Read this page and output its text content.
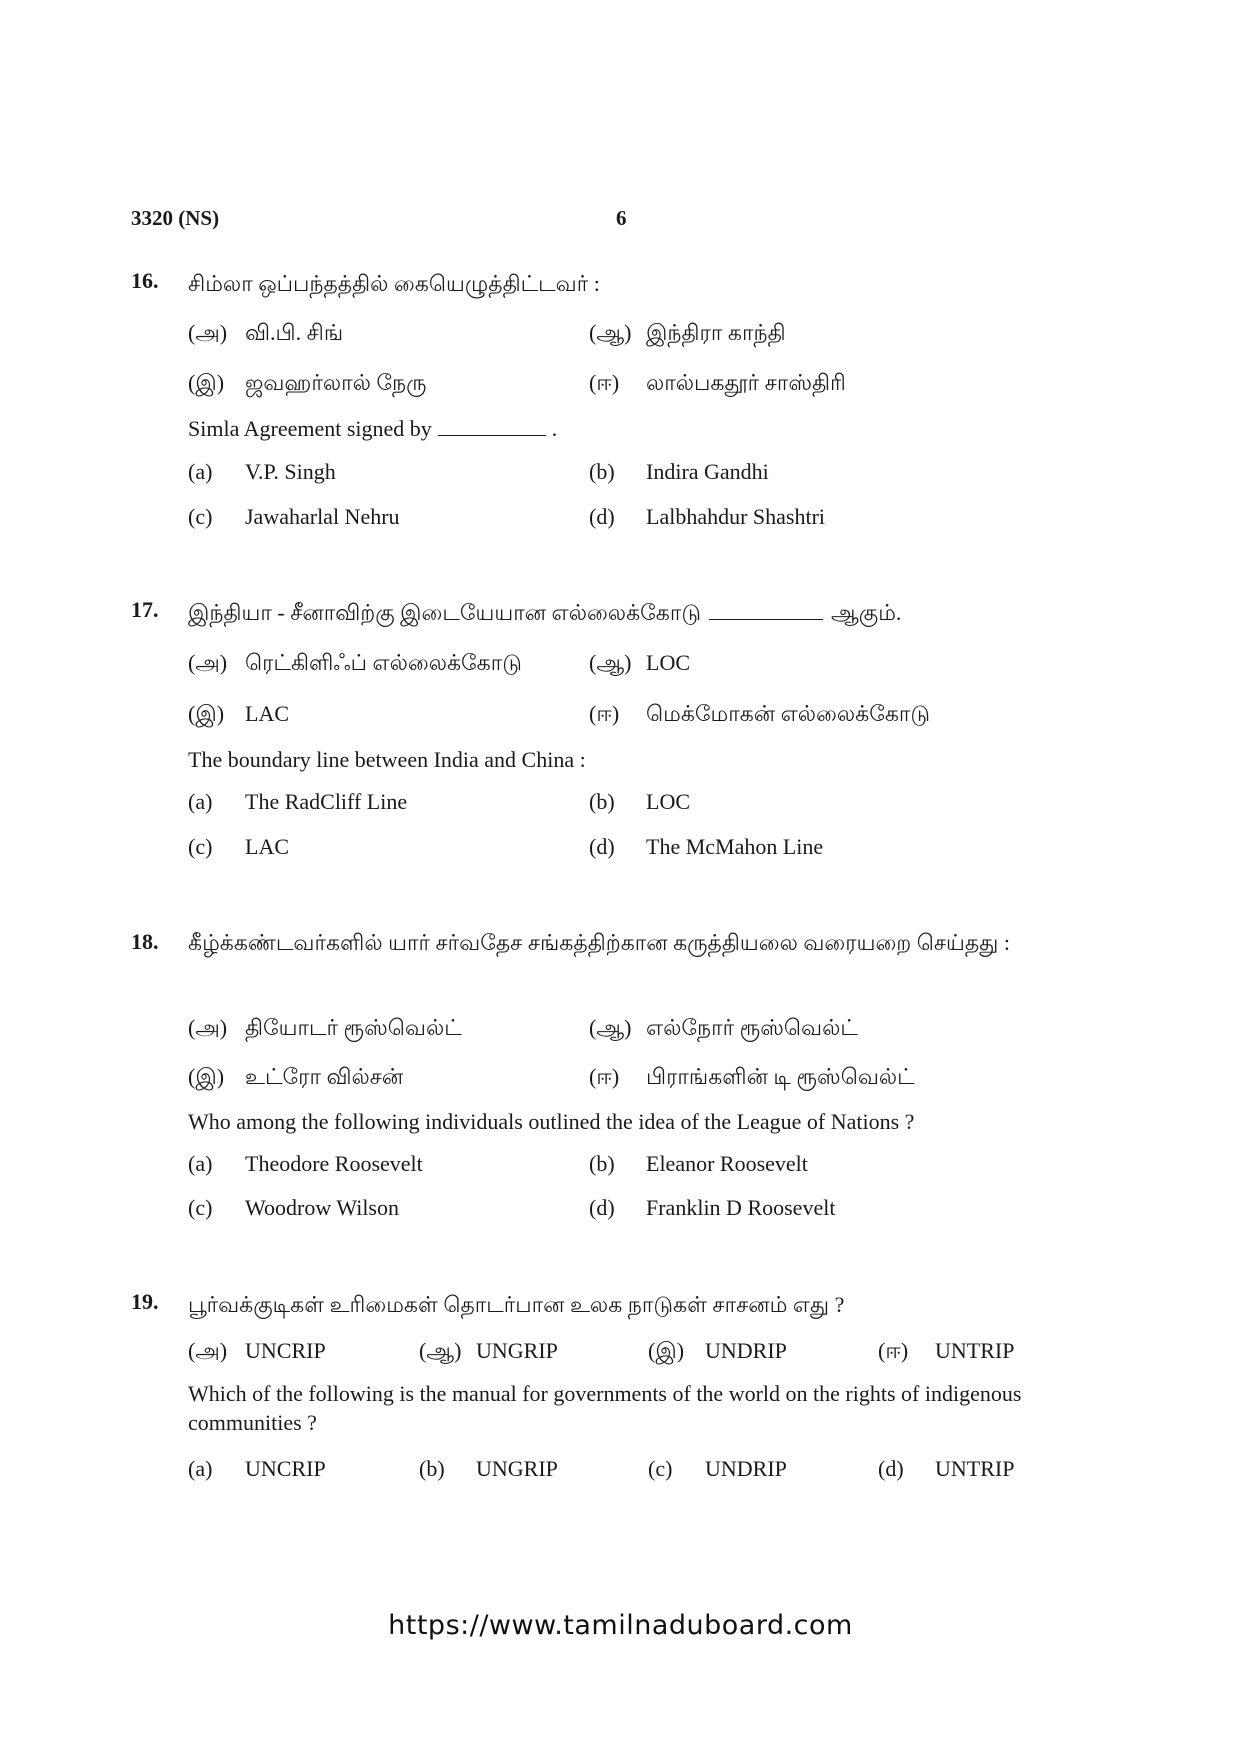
3320 (NS)	6
16. சிம்லா ஒப்பந்தத்தில் கையெழுத்திட்டவர் :
(அ) வி.பி. சிங்	(ஆ) இந்திரா காந்தி
(இ) ஜவஹர்லால் நேரு	(ஈ) லால்பகதூர் சாஸ்திரி
Simla Agreement signed by	.
(a) V.P. Singh	(b) Indira Gandhi
(c) Jawaharlal Nehru	(d) Lalbhahdur Shashtri
17. இந்தியா - சீனாவிற்கு இடையேயான எல்லைக்கோடு	ஆகும்.
(அ) ரெட்கிளிஃப் எல்லைக்கோடு	(ஆ) LOC
(இ) LAC	(ஈ) மெக்மோகன் எல்லைக்கோடு
The boundary line between India and China :
(a) The RadCliff Line	(b) LOC
(c) LAC	(d) The McMahon Line
18. கீழ்க்கண்டவர்களில் யார் சர்வதேச சங்கத்திற்கான கருத்தியலை வரையறை செய்தது :
(அ) தியோடர் ரூஸ்வெல்ட்	(ஆ) எல்நோர் ரூஸ்வெல்ட்
(இ) உட்ரோ வில்சன்	(ஈ) பிராங்களின் டி ரூஸ்வெல்ட்
Who among the following individuals outlined the idea of the League of Nations ?
(a) Theodore Roosevelt	(b) Eleanor Roosevelt
(c) Woodrow Wilson	(d) Franklin D Roosevelt
19. பூர்வக்குடிகள் உரிமைகள் தொடர்பான உலக நாடுகள் சாசனம் எது ?
(அ) UNCRIP	(ஆ) UNGRIP	(இ) UNDRIP	(ஈ) UNTRIP
Which of the following is the manual for governments of the world on the rights of indigenous communities ?
(a) UNCRIP	(b) UNGRIP	(c) UNDRIP	(d) UNTRIP
https://www.tamilnaduboard.com
